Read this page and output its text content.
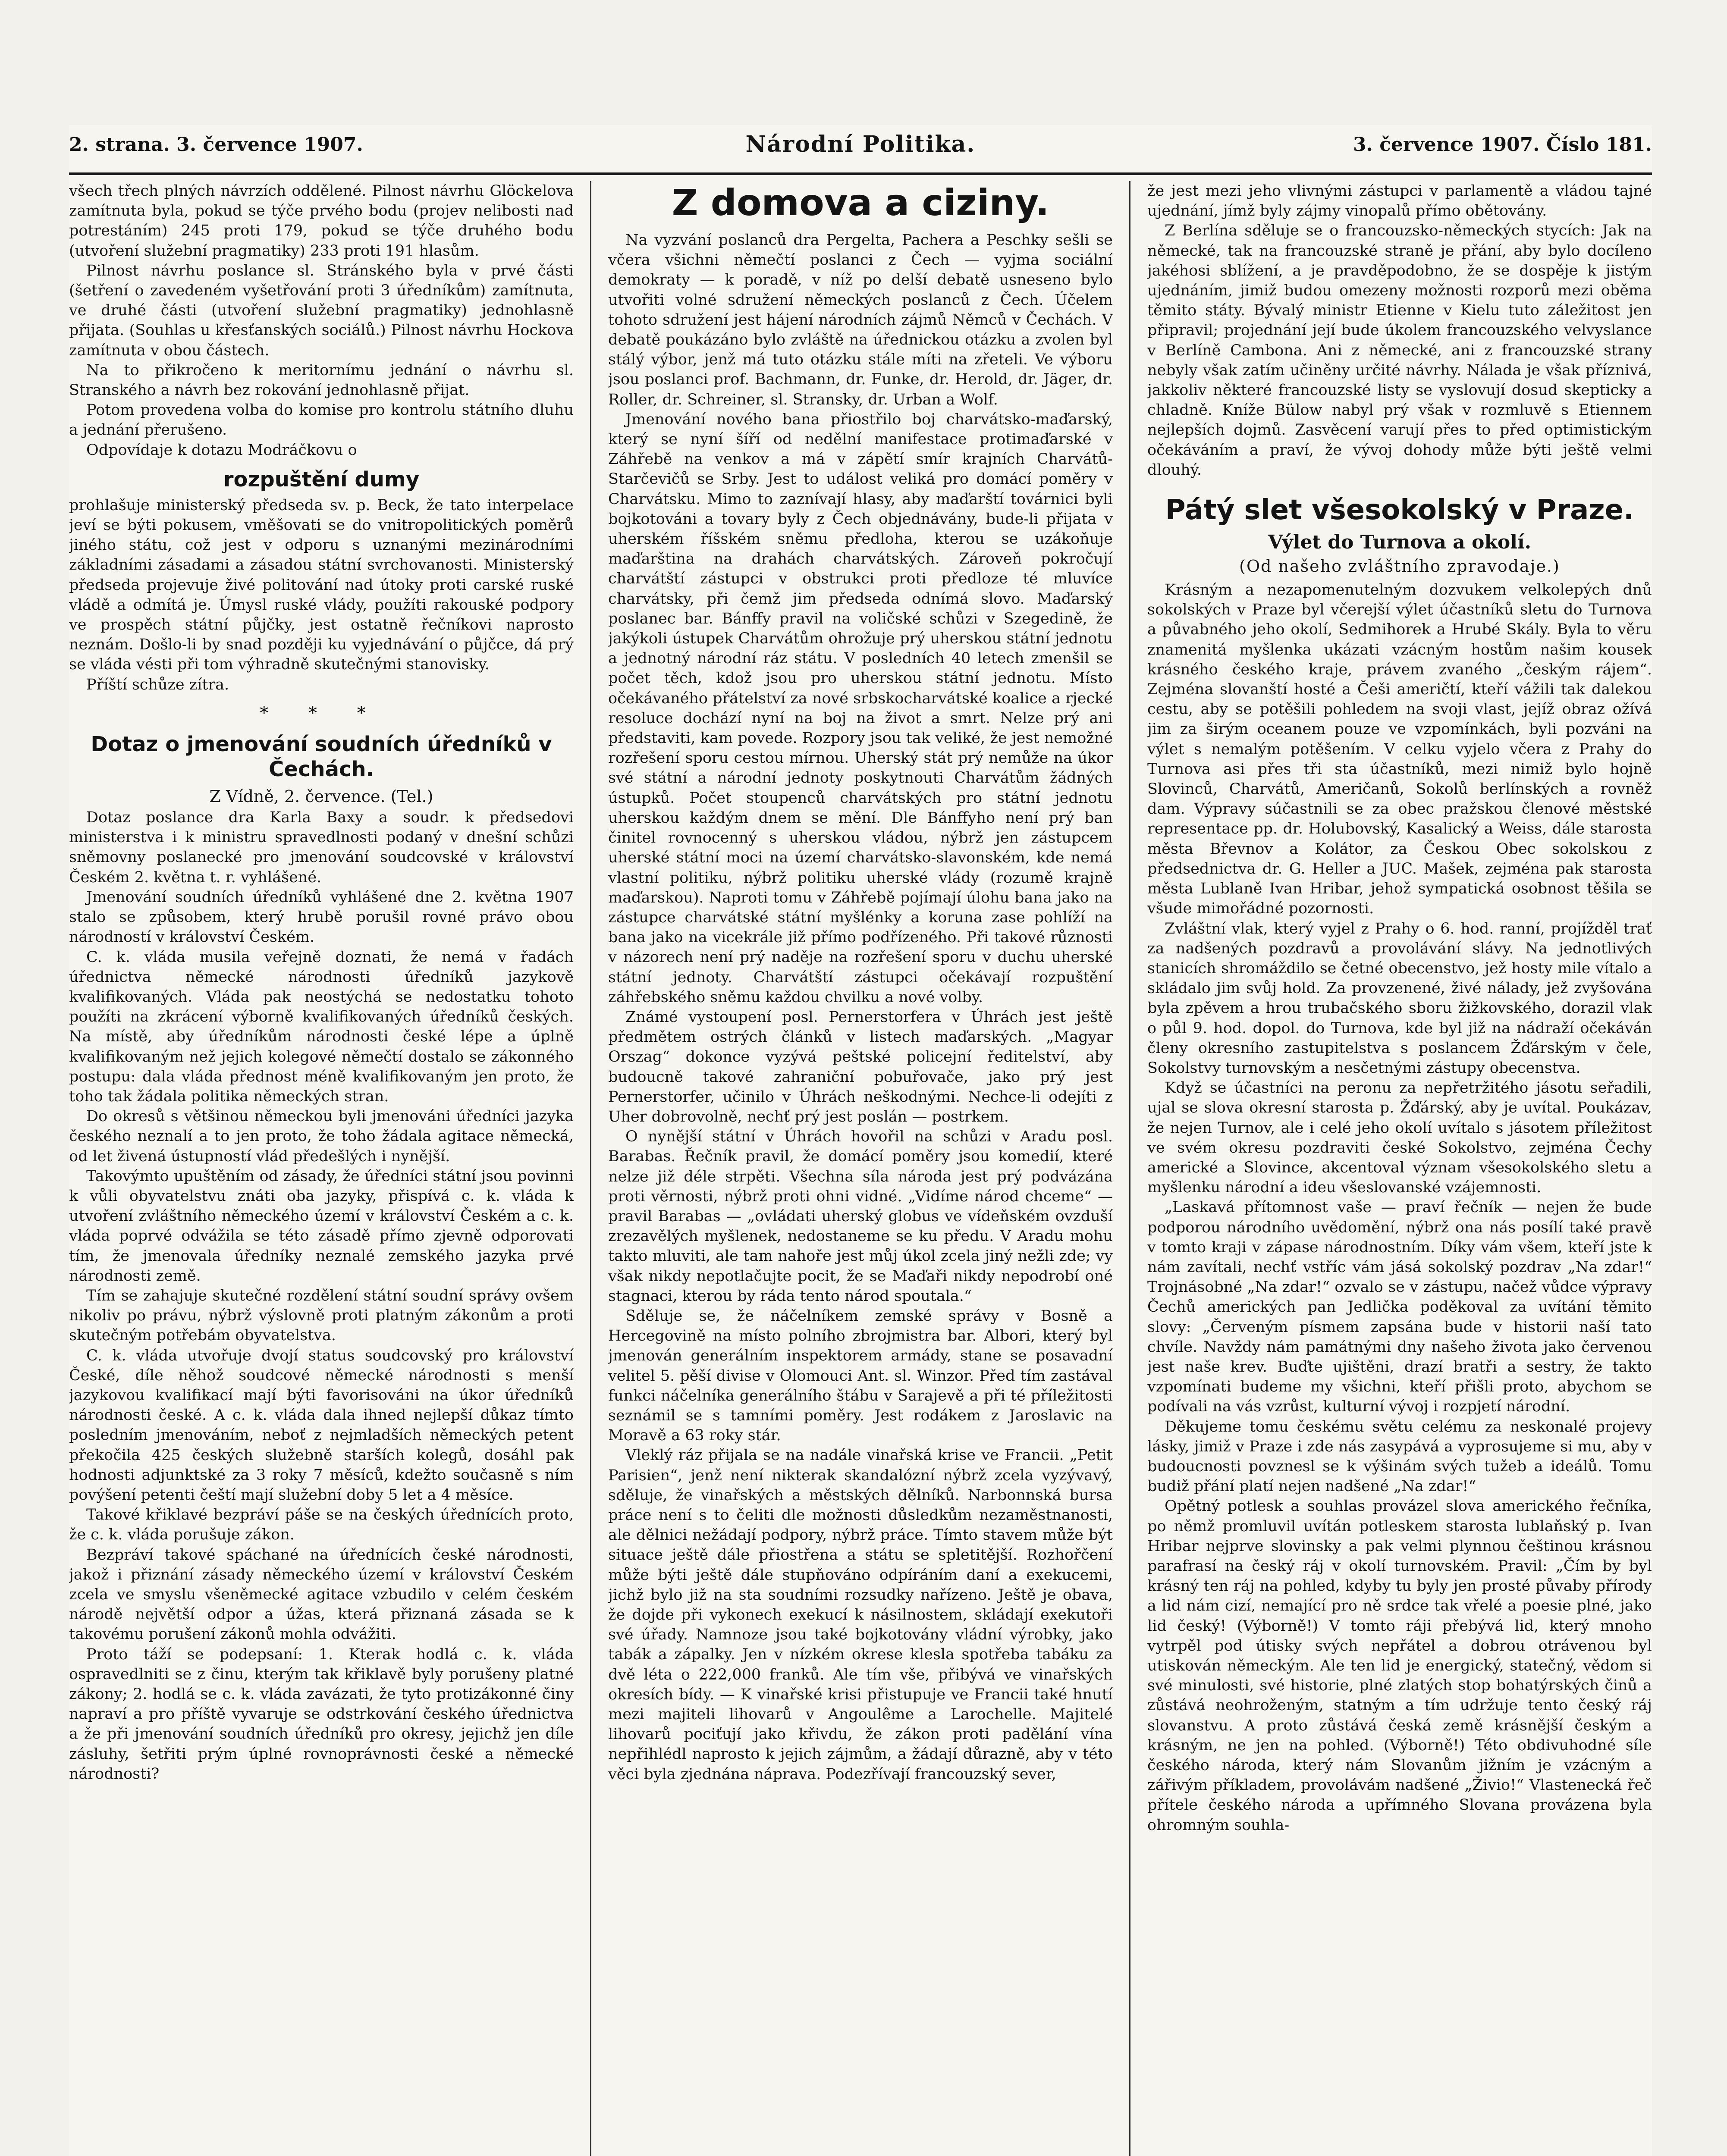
2. strana. 3. července 1907.	Národní Politika.	3. července 1907. Číslo 181.

všech třech plných návrzích oddělené. Pilnost návrhu Glöckelova zamítnuta byla, pokud se týče prvého bodu (projev nelibosti nad potrestáním) 245 proti 179, pokud se týče druhého bodu (utvoření služební pragmatiky) 233 proti 191 hlasům.

Pilnost návrhu poslance sl. Stránského byla v prvé části (šetření o zavedeném vyšetřování proti 3 úředníkům) zamítnuta, ve druhé části (utvoření služební pragmatiky) jednohlasně přijata. (Souhlas u křesťanských sociálů.) Pilnost návrhu Hockova zamítnuta v obou částech.

Na to přikročeno k meritornímu jednání o návrhu sl. Stranského a návrh bez rokování jednohlasně přijat.

Potom provedena volba do komise pro kontrolu státního dluhu a jednání přerušeno.

Odpovídaje k dotazu Modráčkovu o

rozpuštění dumy

prohlašuje ministerský předseda sv. p. Beck, že tato interpelace jeví se býti pokusem, vměšovati se do vnitropolitických poměrů jiného státu, což jest v odporu s uznanými mezinárodními základními zásadami a zásadou státní svrchovanosti. Ministerský předseda projevuje živé politování nad útoky proti carské ruské vládě a odmítá je. Úmysl ruské vlády, použíti rakouské podpory ve prospěch státní půjčky, jest ostatně řečníkovi naprosto neznám. Došlo-li by snad později ku vyjednávání o půjčce, dá prý se vláda vésti při tom výhradně skutečnými stanovisky.

Příští schůze zítra.

* * *
Dotaz o jmenování soudních úředníků v Čechách.
Z Vídně, 2. července. (Tel.)

Dotaz poslance dra Karla Baxy a soudr. k předsedovi ministerstva i k ministru spravedlnosti podaný v dnešní schůzi sněmovny poslanecké pro jmenování soudcovské v království Českém 2. května t. r. vyhlášené.

Jmenování soudních úředníků vyhlášené dne 2. května 1907 stalo se způsobem, který hrubě porušil rovné právo obou národností v království Českém.

C. k. vláda musila veřejně doznati, že nemá v řadách úřednictva německé národnosti úředníků jazykově kvalifikovaných. Vláda pak neostýchá se nedostatku tohoto použíti na zkrácení výborně kvalifikovaných úředníků českých. Na místě, aby úředníkům národnosti české lépe a úplně kvalifikovaným než jejich kolegové němečtí dostalo se zákonného postupu: dala vláda přednost méně kvalifikovaným jen proto, že toho tak žádala politika německých stran.

Do okresů s většinou německou byli jmenováni úředníci jazyka českého neznalí a to jen proto, že toho žádala agitace německá, od let živená ústupností vlád předešlých i nynější.

Takovýmto upuštěním od zásady, že úředníci státní jsou povinni k vůli obyvatelstvu znáti oba jazyky, přispívá c. k. vláda k utvoření zvláštního německého území v království Českém a c. k. vláda poprvé odvážila se této zásadě přímo zjevně odporovati tím, že jmenovala úředníky neznalé zemského jazyka prvé národnosti země.

Tím se zahajuje skutečné rozdělení státní soudní správy ovšem nikoliv po právu, nýbrž výslovně proti platným zákonům a proti skutečným potřebám obyvatelstva.

C. k. vláda utvořuje dvojí status soudcovský pro království České, díle něhož soudcové německé národnosti s menší jazykovou kvalifikací mají býti favorisováni na úkor úředníků národnosti české. A c. k. vláda dala ihned nejlepší důkaz tímto posledním jmenováním, neboť z nejmladších německých petent překočila 425 českých služebně starších kolegů, dosáhl pak hodnosti adjunktské za 3 roky 7 měsíců, kdežto současně s ním povýšení petenti čeští mají služební doby 5 let a 4 měsíce.

Takové křiklavé bezpráví páše se na českých úřednících proto, že c. k. vláda porušuje zákon.

Bezpráví takové spáchané na úřednících české národnosti, jakož i přiznání zásady německého území v království Českém zcela ve smyslu všeněmecké agitace vzbudilo v celém českém národě největší odpor a úžas, která přiznaná zásada se k takovému porušení zákonů mohla odvážiti.

Proto táží se podepsaní: 1. Kterak hodlá c. k. vláda ospravedlniti se z činu, kterým tak křiklavě byly porušeny platné zákony; 2. hodlá se c. k. vláda zavázati, že tyto protizákonné činy napraví a pro příště vyvaruje se odstrkování českého úřednictva a že při jmenování soudních úředníků pro okresy, jejichž jen díle zásluhy, šetřiti prým úplné rovnoprávnosti české a německé národnosti?

Z domova a ciziny.

Na vyzvání poslanců dra Pergelta, Pachera a Peschky sešli se včera všichni němečtí poslanci z Čech — vyjma sociální demokraty — k poradě, v níž po delší debatě usneseno bylo utvořiti volné sdružení německých poslanců z Čech. Účelem tohoto sdružení jest hájení národních zájmů Němců v Čechách. V debatě poukázáno bylo zvláště na úřednickou otázku a zvolen byl stálý výbor, jenž má tuto otázku stále míti na zřeteli. Ve výboru jsou poslanci prof. Bachmann, dr. Funke, dr. Herold, dr. Jäger, dr. Roller, dr. Schreiner, sl. Stransky, dr. Urban a Wolf.

Jmenování nového bana přiostřilo boj charvátsko-maďarský, který se nyní šíří od nedělní manifestace protimaďarské v Záhřebě na venkov a má v zápětí smír krajních Charvátů-Starčevičů se Srby. Jest to událost veliká pro domácí poměry v Charvátsku. Mimo to zaznívají hlasy, aby maďarští továrnici byli bojkotováni a tovary byly z Čech objednávány, bude-li přijata v uherském říšském sněmu předloha, kterou se uzákoňuje maďarština na drahách charvátských. Zároveň pokročují charvátští zástupci v obstrukci proti předloze té mluvíce charvátsky, při čemž jim předseda odnímá slovo. Maďarský poslanec bar. Bánffy pravil na voličské schůzi v Szegedině, že jakýkoli ústupek Charvátům ohrožuje prý uherskou státní jednotu a jednotný národní ráz státu. V posledních 40 letech zmenšil se počet těch, kdož jsou pro uherskou státní jednotu. Místo očekávaného přátelství za nové srbskocharvátské koalice a rjecké resoluce dochází nyní na boj na život a smrt. Nelze prý ani představiti, kam povede. Rozpory jsou tak veliké, že jest nemožné rozřešení sporu cestou mírnou. Uherský stát prý nemůže na úkor své státní a národní jednoty poskytnouti Charvátům žádných ústupků. Počet stoupenců charvátských pro státní jednotu uherskou každým dnem se mění. Dle Bánffyho není prý ban činitel rovnocenný s uherskou vládou, nýbrž jen zástupcem uherské státní moci na území charvátsko-slavonském, kde nemá vlastní politiku, nýbrž politiku uherské vlády (rozumě krajně maďarskou). Naproti tomu v Záhřebě pojímají úlohu bana jako na zástupce charvátské státní myšlénky a koruna zase pohlíží na bana jako na vicekrále již přímo podřízeného. Při takové různosti v názorech není prý naděje na rozřešení sporu v duchu uherské státní jednoty. Charvátští zástupci očekávají rozpuštění záhřebského sněmu každou chvilku a nové volby.

Známé vystoupení posl. Pernerstorfera v Úhrách jest ještě předmětem ostrých článků v listech maďarských. „Magyar Orszag“ dokonce vyzývá peštské policejní ředitelství, aby budoucně takové zahraniční pobuřovače, jako prý jest Pernerstorfer, učinilo v Úhrách neškodnými. Nechce-li odejíti z Uher dobrovolně, nechť prý jest poslán — postrkem.

O nynější státní v Úhrách hovořil na schůzi v Aradu posl. Barabas. Řečník pravil, že domácí poměry jsou komedií, které nelze již déle strpěti. Všechna síla národa jest prý podvázána proti věrnosti, nýbrž proti ohni vidné. „Vidíme národ chceme“ — pravil Barabas — „ovládati uherský globus ve vídeňském ovzduší zrezavělých myšlenek, nedostaneme se ku předu. V Aradu mohu takto mluviti, ale tam nahoře jest můj úkol zcela jiný nežli zde; vy však nikdy nepotlačujte pocit, že se Maďaři nikdy nepodrobí oné stagnaci, kterou by ráda tento národ spoutala.“

Sděluje se, že náčelníkem zemské správy v Bosně a Hercegovině na místo polního zbrojmistra bar. Albori, který byl jmenován generálním inspektorem armády, stane se posavadní velitel 5. pěší divise v Olomouci Ant. sl. Winzor. Před tím zastával funkci náčelníka generálního štábu v Sarajevě a při té příležitosti seznámil se s tamními poměry. Jest rodákem z Jaroslavic na Moravě a 63 roky stár.

Vleklý ráz přijala se na nadále vinařská krise ve Francii. „Petit Parisien“, jenž není nikterak skandalózní nýbrž zcela vyzývavý, sděluje, že vinařských a městských dělníků. Narbonnská bursa práce není s to čeliti dle možnosti důsledkům nezaměstnanosti, ale dělnici nežádají podpory, nýbrž práce. Tímto stavem může být situace ještě dále přiostřena a státu se spletitější. Rozhořčení může býti ještě dále stupňováno odpíráním daní a exekucemi, jichž bylo již na sta soudními rozsudky nařízeno. Ještě je obava, že dojde při vykonech exekucí k násilnostem, skládají exekutoři své úřady. Namnoze jsou také bojkotovány vládní výrobky, jako tabák a zápalky. Jen v nízkém okrese klesla spotřeba tabáku za dvě léta o 222,000 franků. Ale tím vše, přibývá ve vinařských okresích bídy. — K vinařské krisi přistupuje ve Francii také hnutí mezi majiteli lihovarů v Angoulême a Larochelle. Majitelé lihovarů pociťují jako křivdu, že zákon proti padělání vína nepřihlédl naprosto k jejich zájmům, a žádají důrazně, aby v této věci byla zjednána náprava. Podezřívají francouzský sever,

že jest mezi jeho vlivnými zástupci v parlamentě a vládou tajné ujednání, jímž byly zájmy vinopalů přímo obětovány.

Z Berlína sděluje se o francouzsko-německých stycích: Jak na německé, tak na francouzské straně je přání, aby bylo docíleno jakéhosi sblížení, a je pravděpodobno, že se dospěje k jistým ujednáním, jimiž budou omezeny možnosti rozporů mezi oběma těmito státy. Bývalý ministr Etienne v Kielu tuto záležitost jen připravil; projednání její bude úkolem francouzského velvyslance v Berlíně Cambona. Ani z německé, ani z francouzské strany nebyly však zatím učiněny určité návrhy. Nálada je však příznivá, jakkoliv některé francouzské listy se vyslovují dosud skepticky a chladně. Kníže Bülow nabyl prý však v rozmluvě s Etiennem nejlepších dojmů. Zasvěcení varují přes to před optimistickým očekáváním a praví, že vývoj dohody může býti ještě velmi dlouhý.

Pátý slet všesokolský v Praze.
Výlet do Turnova a okolí.
(Od našeho zvláštního zpravodaje.)

Krásným a nezapomenutelným dozvukem velkolepých dnů sokolských v Praze byl včerejší výlet účastníků sletu do Turnova a půvabného jeho okolí, Sedmihorek a Hrubé Skály. Byla to věru znamenitá myšlenka ukázati vzácným hostům našim kousek krásného českého kraje, právem zvaného „českým rájem“. Zejména slovanští hosté a Češi američtí, kteří vážili tak dalekou cestu, aby se potěšili pohledem na svoji vlast, jejíž obraz ožívá jim za širým oceanem pouze ve vzpomínkách, byli pozváni na výlet s nemalým potěšením. V celku vyjelo včera z Prahy do Turnova asi přes tři sta účastníků, mezi nimiž bylo hojně Slovinců, Charvátů, Američanů, Sokolů berlínských a rovněž dam. Výpravy súčastnili se za obec pražskou členové městské representace pp. dr. Holubovský, Kasalický a Weiss, dále starosta města Břevnov a Kolátor, za Českou Obec sokolskou z předsednictva dr. G. Heller a JUC. Mašek, zejména pak starosta města Lublaně Ivan Hribar, jehož sympatická osobnost těšila se všude mimořádné pozornosti.

Zvláštní vlak, který vyjel z Prahy o 6. hod. ranní, projížděl trať za nadšených pozdravů a provolávání slávy. Na jednotlivých stanicích shromáždilo se četné obecenstvo, jež hosty mile vítalo a skládalo jim svůj hold. Za provzenené, živé nálady, jež zvyšována byla zpěvem a hrou trubačského sboru žižkovského, dorazil vlak o půl 9. hod. dopol. do Turnova, kde byl již na nádraží očekáván členy okresního zastupitelstva s poslancem Žďárským v čele, Sokolstvy turnovským a nesčetnými zástupy obecenstva.

Když se účastníci na peronu za nepřetržitého jásotu seřadili, ujal se slova okresní starosta p. Žďárský, aby je uvítal. Poukázav, že nejen Turnov, ale i celé jeho okolí uvítalo s jásotem příležitost ve svém okresu pozdraviti české Sokolstvo, zejména Čechy americké a Slovince, akcentoval význam všesokolského sletu a myšlenku národní a ideu všeslovanské vzájemnosti.

„Laskavá přítomnost vaše — praví řečník — nejen že bude podporou národního uvědomění, nýbrž ona nás posílí také pravě v tomto kraji v zápase národnostním. Díky vám všem, kteří jste k nám zavítali, nechť vstříc vám jásá sokolský pozdrav „Na zdar!“ Trojnásobné „Na zdar!“ ozvalo se v zástupu, načež vůdce výpravy Čechů amerických pan Jedlička poděkoval za uvítání těmito slovy: „Červeným písmem zapsána bude v historii naší tato chvíle. Navždy nám památnými dny našeho života jako červenou jest naše krev. Buďte ujištěni, drazí bratři a sestry, že takto vzpomínati budeme my všichni, kteří přišli proto, abychom se podívali na vás vzrůst, kulturní vývoj i rozpjetí národní.

Děkujeme tomu českému světu celému za neskonalé projevy lásky, jimiž v Praze i zde nás zasypává a vyprosujeme si mu, aby v budoucnosti povznesl se k výšinám svých tužeb a ideálů. Tomu budiž přání platí nejen nadšené „Na zdar!“

Opětný potlesk a souhlas provázel slova amerického řečníka, po němž promluvil uvítán potleskem starosta lublaňský p. Ivan Hribar nejprve slovinsky a pak velmi plynnou češtinou krásnou parafrasí na český ráj v okolí turnovském. Pravil: „Čím by byl krásný ten ráj na pohled, kdyby tu byly jen prosté půvaby přírody a lid nám cizí, nemající pro ně srdce tak vřelé a poesie plné, jako lid český! (Výborně!) V tomto ráji přebývá lid, který mnoho vytrpěl pod útisky svých nepřátel a dobrou otrávenou byl utiskován německým. Ale ten lid je energický, statečný, vědom si své minulosti, své historie, plné zlatých stop bohatýrských činů a zůstává neohroženým, statným a tím udržuje tento český ráj slovanstvu. A proto zůstává česká země krásnější českým a krásným, ne jen na pohled. (Výborně!) Této obdivuhodné síle českého národa, který nám Slovanům jižním je vzácným a zářivým příkladem, provolávám nadšené „Živio!“ Vlastenecká řeč přítele českého národa a upřímného Slovana provázena byla ohromným souhla-
